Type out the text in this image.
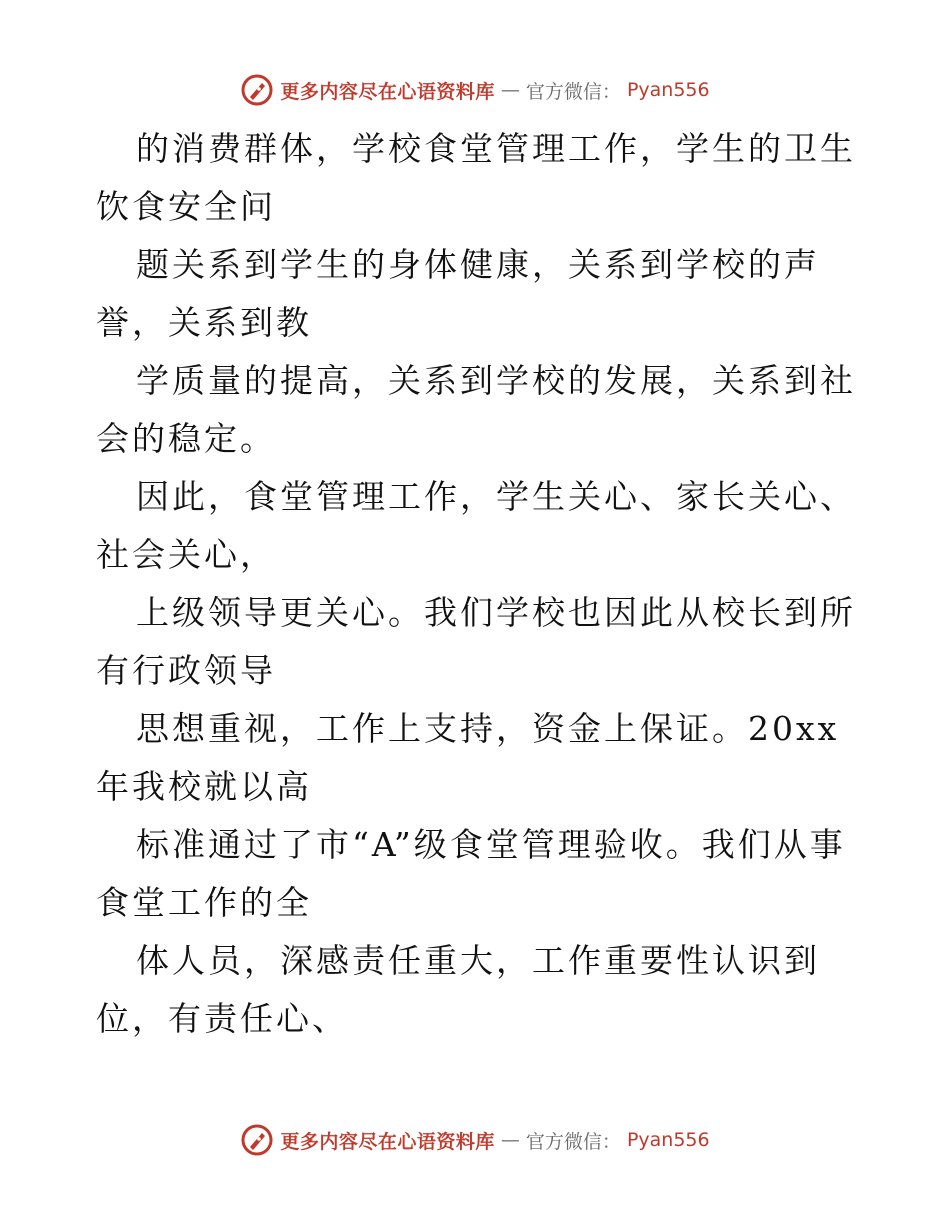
更多内容尽在心语资料库 — 官方微信： Pyan556

的消费群体，学校食堂管理工作，学生的卫生饮食安全问

题关系到学生的身体健康，关系到学校的声誉，关系到教

学质量的提高，关系到学校的发展，关系到社会的稳定。

因此，食堂管理工作，学生关心、家长关心、社会关心，

上级领导更关心。我们学校也因此从校长到所有行政领导

思想重视，工作上支持，资金上保证。20xx 年我校就以高

标准通过了市“A”级食堂管理验收。我们从事食堂工作的全

体人员，深感责任重大，工作重要性认识到位，有责任心、

更多内容尽在心语资料库 — 官方微信： Pyan556
